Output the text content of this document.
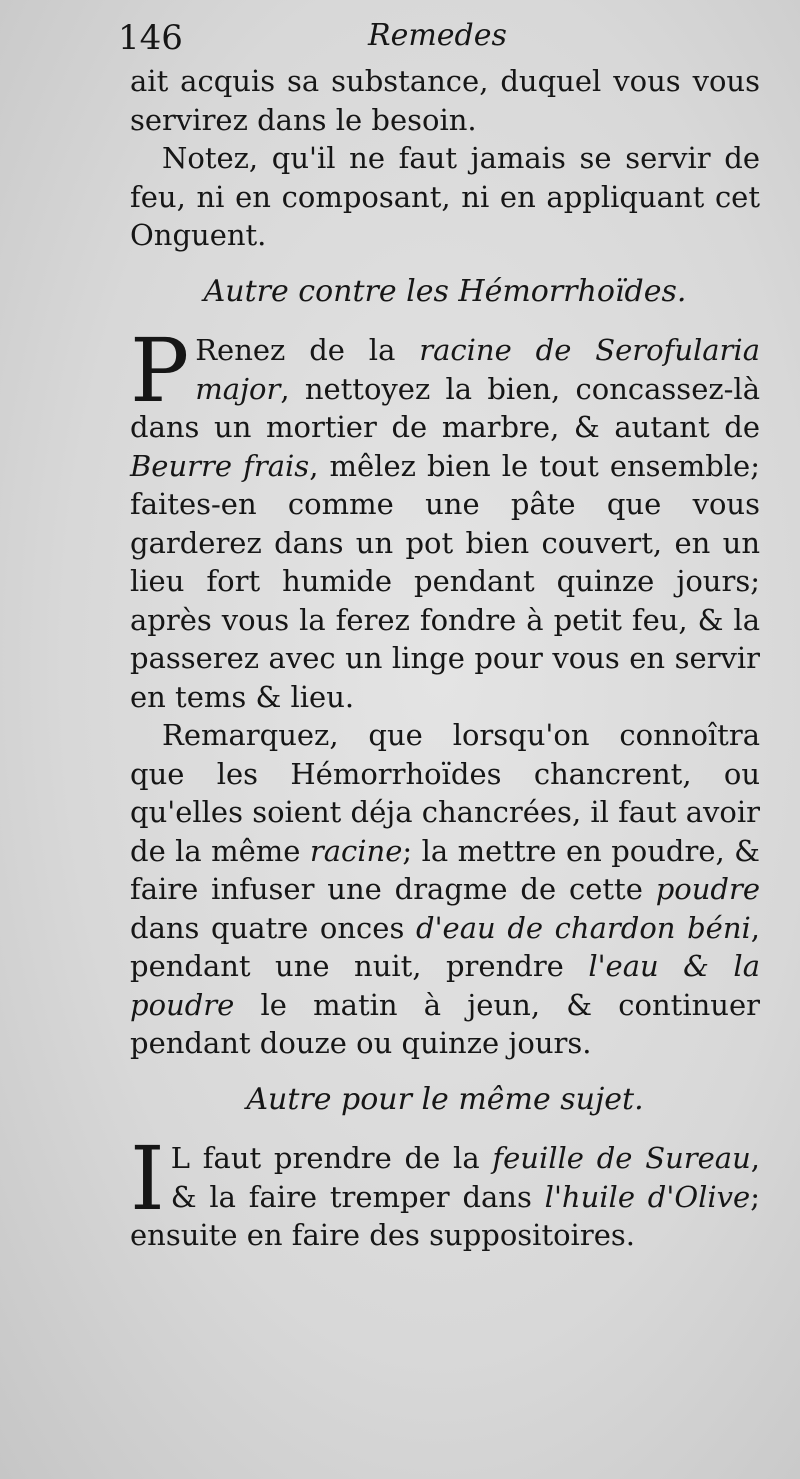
146	Remedes

ait acquis sa substance, duquel vous vous servirez dans le besoin.

Notez, qu'il ne faut jamais se servir de feu, ni en composant, ni en appliquant cet Onguent.

Autre contre les Hémorrhoïdes.

P Renez de la racine de Serofularia major, nettoyez la bien, concassez-là dans un mortier de marbre, & autant de Beurre frais, mêlez bien le tout ensemble; faites-en comme une pâte que vous garderez dans un pot bien couvert, en un lieu fort humide pendant quinze jours; après vous la ferez fondre à petit feu, & la passerez avec un linge pour vous en servir en tems & lieu.

Remarquez, que lorsqu'on connoîtra que les Hémorrhoïdes chancrent, ou qu'elles soient déja chancrées, il faut avoir de la même racine; la mettre en poudre, & faire infuser une dragme de cette poudre dans quatre onces d'eau de chardon béni, pendant une nuit, prendre l'eau & la poudre le matin à jeun, & continuer pendant douze ou quinze jours.

Autre pour le même sujet.

I L faut prendre de la feuille de Sureau, & la faire tremper dans l'huile d'Olive; ensuite en faire des suppositoires.
